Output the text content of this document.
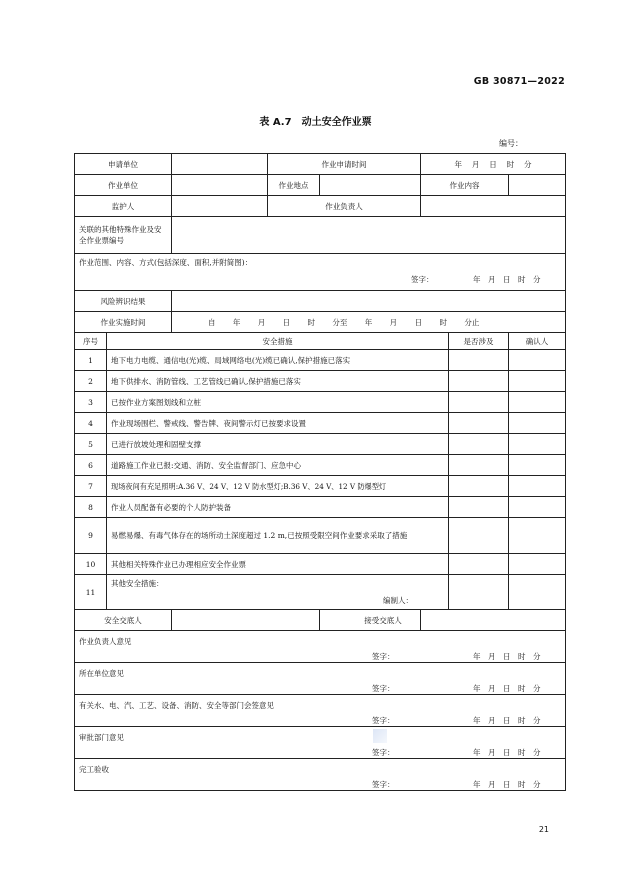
GB 30871—2022
表 A.7　动土安全作业票
编号：
申请单位			作业申请时间		年　 月　 日　 时　 分		
作业单位			作业地点		作业内容		
监护人			作业负责人				
关联的其他特殊作业及安全作业票编号							

作业范围、内容、方式(包括深度、面积,并附简图)：
签字： 年　月　日　时　分							

风险辨识结果							
作业实施时间		自　　 年　　 月　　 日　　 时　　 分至　　 年　　 月　　 日　　 时　　 分止					
序号	安全措施					是否涉及	确认人
1	地下电力电缆、通信电(光)缆、局域网络电(光)缆已确认,保护措施已落实						
2	地下供排水、消防管线、工艺管线已确认,保护措施已落实						
3	已按作业方案图划线和立桩						
4	作业现场围栏、警戒线、警告牌、夜间警示灯已按要求设置						
5	已进行放坡处理和固壁支撑						
6	道路施工作业已报:交通、消防、安全监督部门、应急中心						
7	现场夜间有充足照明:A.36 V、24 V、12 V 防水型灯;B.36 V、24 V、12 V 防爆型灯						
8	作业人员配备有必要的个人防护装备						
9	易燃易爆、有毒气体存在的场所动土深度超过 1.2 m,已按照受限空间作业要求采取了措施						
10	其他相关特殊作业已办理相应安全作业票						
11	其他安全措施：
编制人：						

安全交底人				接受交底人			

作业负责人意见
签字： 年　月　日　时　分							

所在单位意见
签字： 年　月　日　时　分							

有关水、电、汽、工艺、设备、消防、安全等部门会签意见
签字： 年　月　日　时　分							

审批部门意见
签字： 年　月　日　时　分							

完工验收
签字： 年　月　日　时　分							
21
